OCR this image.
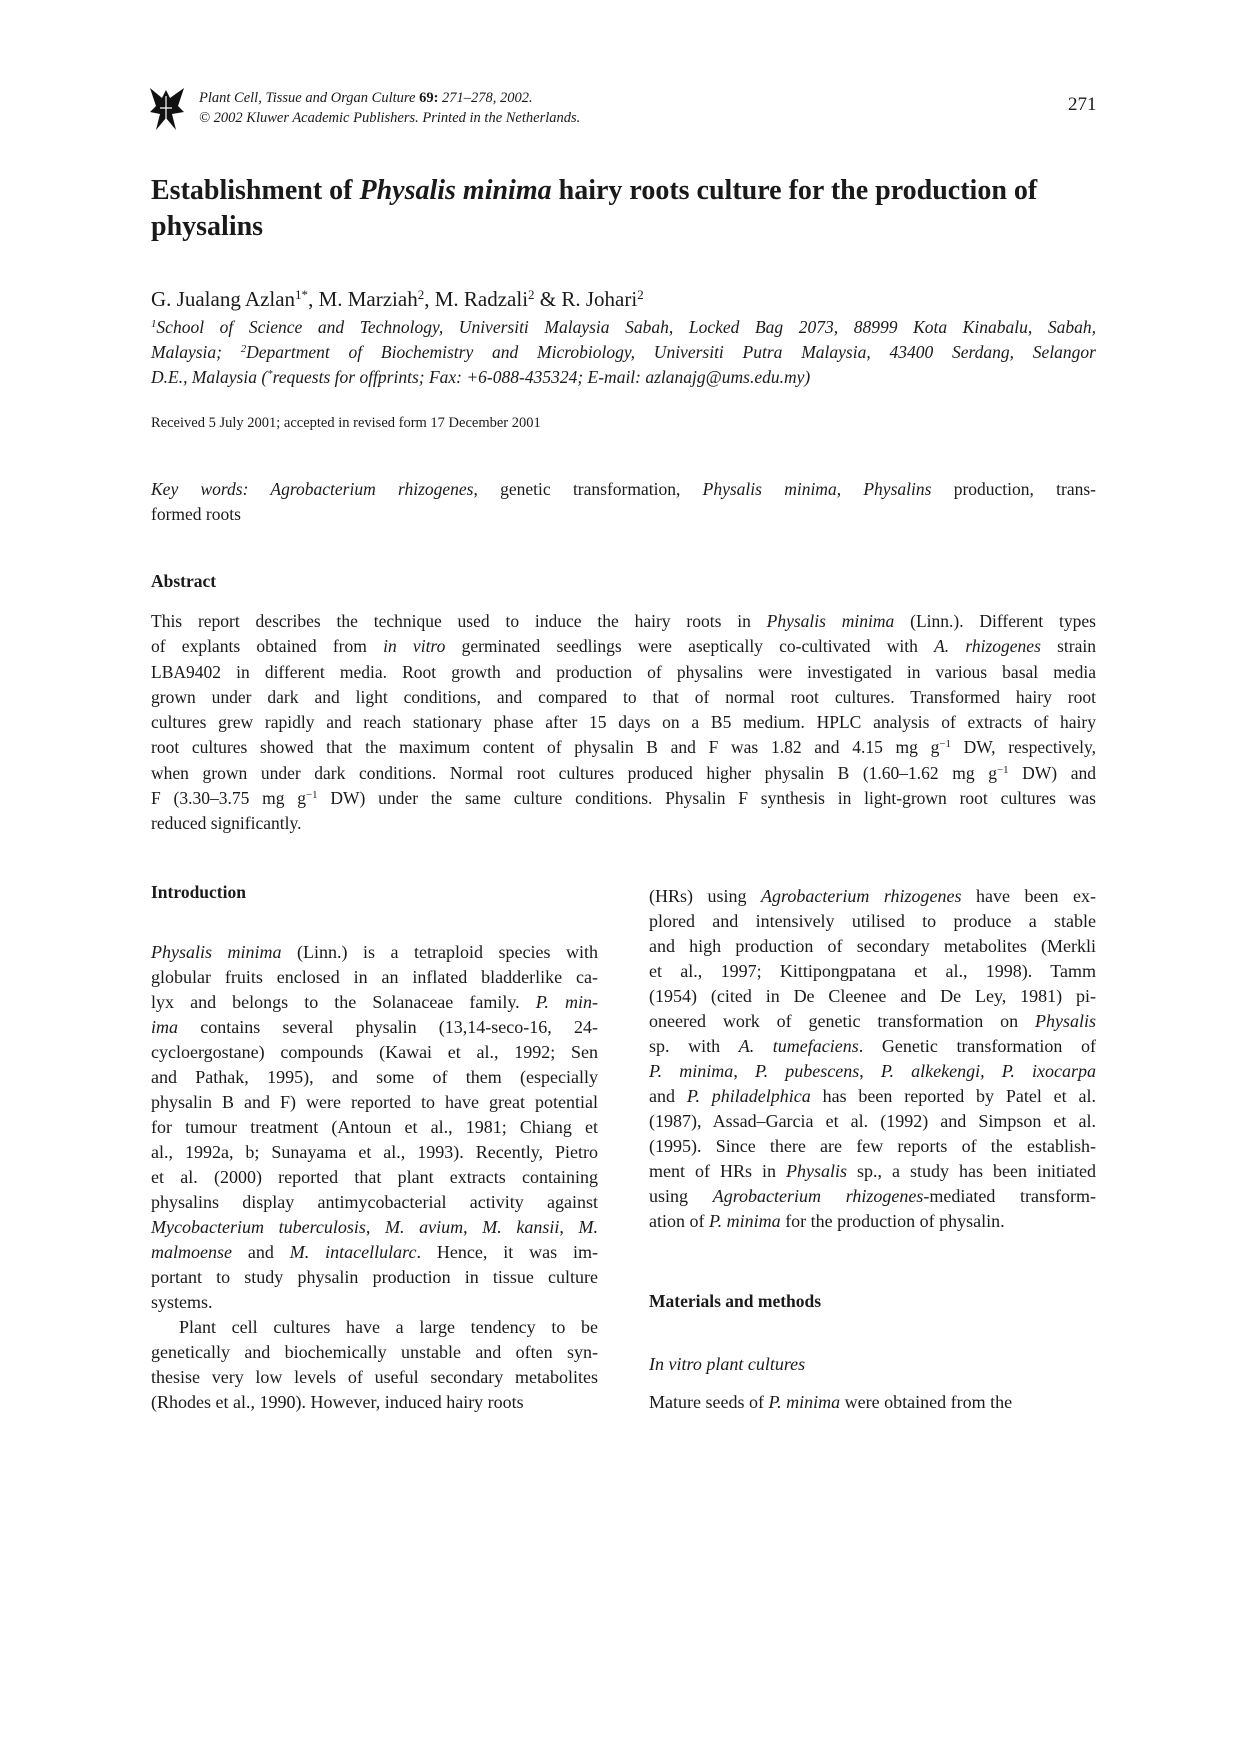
Plant Cell, Tissue and Organ Culture 69: 271–278, 2002.
© 2002 Kluwer Academic Publishers. Printed in the Netherlands.
271
Establishment of Physalis minima hairy roots culture for the production of
physalins
G. Jualang Azlan$^{1*}$, M. Marziah$^2$, M. Radzali$^2$ & R. Johari$^2$
$^1$School of Science and Technology, Universiti Malaysia Sabah, Locked Bag 2073, 88999 Kota Kinabalu, Sabah,
Malaysia; $^2$Department of Biochemistry and Microbiology, Universiti Putra Malaysia, 43400 Serdang, Selangor
D.E., Malaysia (*requests for offprints; Fax: +6-088-435324; E-mail: azlanajg@ums.edu.my)
Received 5 July 2001; accepted in revised form 17 December 2001
Key words: Agrobacterium rhizogenes, genetic transformation, Physalis minima, Physalins production, trans-
formed roots
Abstract
This report describes the technique used to induce the hairy roots in Physalis minima (Linn.). Different types
of explants obtained from in vitro germinated seedlings were aseptically co-cultivated with A. rhizogenes strain
LBA9402 in different media. Root growth and production of physalins were investigated in various basal media
grown under dark and light conditions, and compared to that of normal root cultures. Transformed hairy root
cultures grew rapidly and reach stationary phase after 15 days on a B5 medium. HPLC analysis of extracts of hairy
root cultures showed that the maximum content of physalin B and F was 1.82 and 4.15 mg $g^{-1}$ DW, respectively,
when grown under dark conditions. Normal root cultures produced higher physalin B (1.60–1.62 mg $g^{-1}$ DW) and
F (3.30–3.75 mg $g^{-1}$ DW) under the same culture conditions. Physalin F synthesis in light-grown root cultures was
reduced significantly.
Introduction
Physalis minima (Linn.) is a tetraploid species with
globular fruits enclosed in an inflated bladderlike ca-
lyx and belongs to the Solanaceae family. P. min-
ima contains several physalin (13,14-seco-16, 24-
cycloergostane) compounds (Kawai et al., 1992; Sen
and Pathak, 1995), and some of them (especially
physalin B and F) were reported to have great potential
for tumour treatment (Antoun et al., 1981; Chiang et
al., 1992a, b; Sunayama et al., 1993). Recently, Pietro
et al. (2000) reported that plant extracts containing
physalins display antimycobacterial activity against
Mycobacterium tuberculosis, M. avium, M. kansii, M.
malmoense and M. intacellularc. Hence, it was im-
portant to study physalin production in tissue culture
systems.
Plant cell cultures have a large tendency to be
genetically and biochemically unstable and often syn-
thesise very low levels of useful secondary metabolites
(Rhodes et al., 1990). However, induced hairy roots
(HRs) using Agrobacterium rhizogenes have been ex-
plored and intensively utilised to produce a stable
and high production of secondary metabolites (Merkli
et al., 1997; Kittipongpatana et al., 1998). Tamm
(1954) (cited in De Cleenee and De Ley, 1981) pi-
oneered work of genetic transformation on Physalis
sp. with A. tumefaciens. Genetic transformation of
P. minima, P. pubescens, P. alkekengi, P. ixocarpa
and P. philadelphica has been reported by Patel et al.
(1987), Assad–Garcia et al. (1992) and Simpson et al.
(1995). Since there are few reports of the establish-
ment of HRs in Physalis sp., a study has been initiated
using Agrobacterium rhizogenes-mediated transform-
ation of P. minima for the production of physalin.
Materials and methods
In vitro plant cultures
Mature seeds of P. minima were obtained from the
